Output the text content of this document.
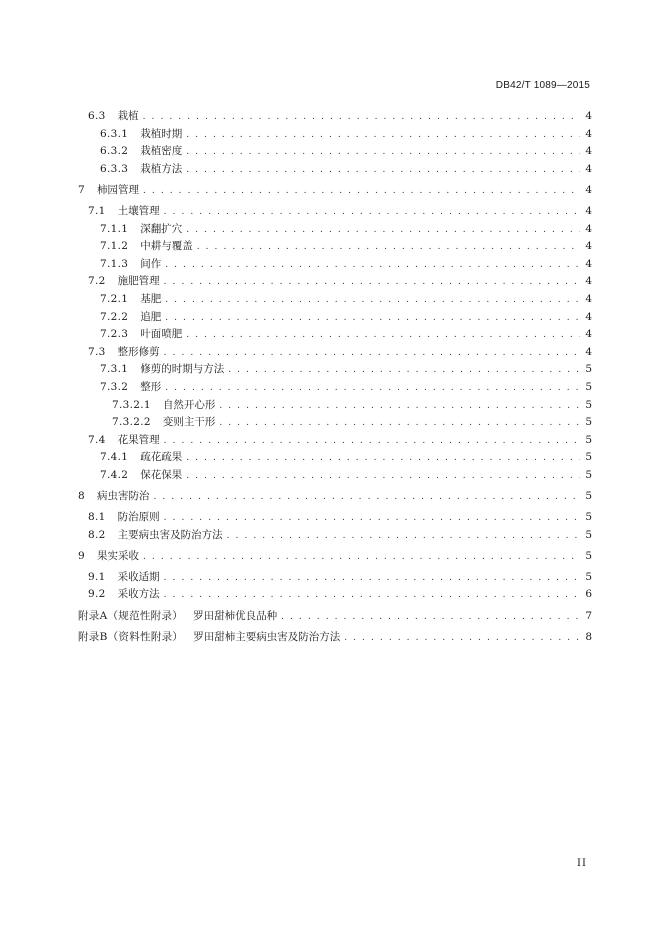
DB42/T 1089—2015
6.3 栽植 . . .	4
6.3.1 栽植时期 . . .	4
6.3.2 栽植密度 . . .	4
6.3.3 栽植方法 . . .	4
7 柿园管理 . . .	4
7.1 土壤管理 . . .	4
7.1.1 深翻扩穴 . . .	4
7.1.2 中耕与覆盖 . . .	4
7.1.3 间作 . . .	4
7.2 施肥管理 . . .	4
7.2.1 基肥 . . .	4
7.2.2 追肥 . . .	4
7.2.3 叶面喷肥 . . .	4
7.3 整形修剪 . . .	4
7.3.1 修剪的时期与方法 . . .	5
7.3.2 整形 . . .	5
7.3.2.1 自然开心形 . . .	5
7.3.2.2 变则主干形 . . .	5
7.4 花果管理 . . .	5
7.4.1 疏花疏果 . . .	5
7.4.2 保花保果 . . .	5
8 病虫害防治 . . .	5
8.1 防治原则 . . .	5
8.2 主要病虫害及防治方法 . . .	5
9 果实采收 . . .	5
9.1 采收适期 . . .	5
9.2 采收方法 . . .	6
附录A（规范性附录） 罗田甜柿优良品种 . . .	7
附录B（资料性附录） 罗田甜柿主要病虫害及防治方法 . . .	8
II
